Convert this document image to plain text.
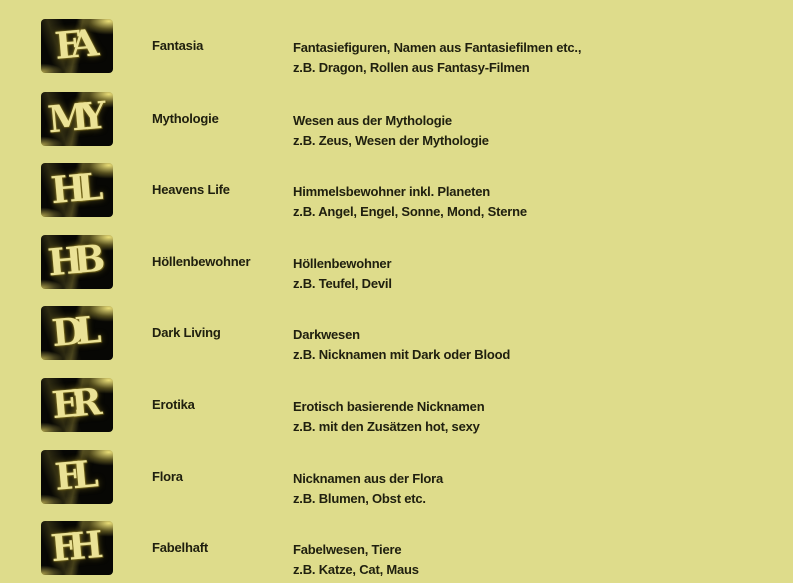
FA	Fantasia	Fantasiefiguren, Namen aus Fantasiefilmen etc.,
z.B. Dragon, Rollen aus Fantasy-Filmen
MY	Mythologie	Wesen aus der Mythologie
z.B. Zeus, Wesen der Mythologie
HL	Heavens Life	Himmelsbewohner inkl. Planeten
z.B. Angel, Engel, Sonne, Mond, Sterne
HB	Höllenbewohner	Höllenbewohner
z.B. Teufel, Devil
DL	Dark Living	Darkwesen
z.B. Nicknamen mit Dark oder Blood
ER	Erotika	Erotisch basierende Nicknamen
z.B. mit den Zusätzen hot, sexy
FL	Flora	Nicknamen aus der Flora
z.B. Blumen, Obst etc.
FH	Fabelhaft	Fabelwesen, Tiere
z.B. Katze, Cat, Maus
